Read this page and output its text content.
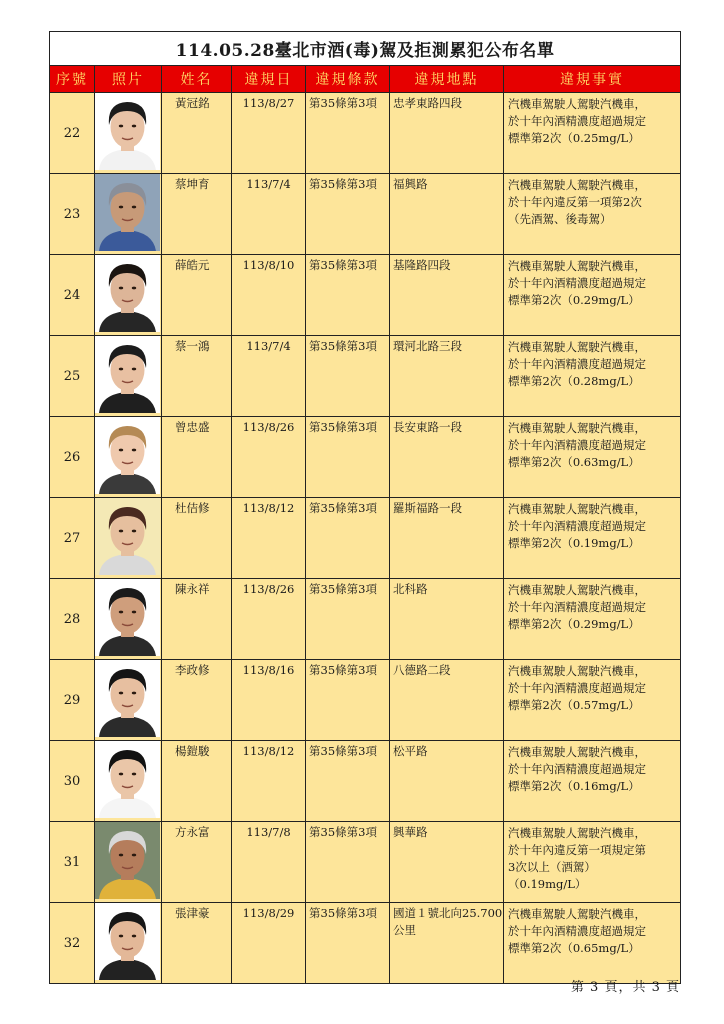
114.05.28臺北市酒(毒)駕及拒測累犯公布名單						
序號	照片	姓名	違規日	違規條款	違規地點	違規事實
22		黃冠銘	113/8/27	第35條第3項	忠孝東路四段	汽機車駕駛人駕駛汽機車，
於十年內酒精濃度超過規定
標準第2次（0.25mg/L）

23		蔡坤育	113/7/4	第35條第3項	福興路	汽機車駕駛人駕駛汽機車，
於十年內違反第一項第2次
（先酒駕、後毒駕）

24		薛皓元	113/8/10	第35條第3項	基隆路四段	汽機車駕駛人駕駛汽機車，
於十年內酒精濃度超過規定
標準第2次（0.29mg/L）

25		蔡一鴻	113/7/4	第35條第3項	環河北路三段	汽機車駕駛人駕駛汽機車，
於十年內酒精濃度超過規定
標準第2次（0.28mg/L）

26		曾忠盛	113/8/26	第35條第3項	長安東路一段	汽機車駕駛人駕駛汽機車，
於十年內酒精濃度超過規定
標準第2次（0.63mg/L）

27		杜佶修	113/8/12	第35條第3項	羅斯福路一段	汽機車駕駛人駕駛汽機車，
於十年內酒精濃度超過規定
標準第2次（0.19mg/L）

28		陳永祥	113/8/26	第35條第3項	北科路	汽機車駕駛人駕駛汽機車，
於十年內酒精濃度超過規定
標準第2次（0.29mg/L）

29		李政修	113/8/16	第35條第3項	八德路二段	汽機車駕駛人駕駛汽機車，
於十年內酒精濃度超過規定
標準第2次（0.57mg/L）

30		楊鎧駿	113/8/12	第35條第3項	松平路	汽機車駕駛人駕駛汽機車，
於十年內酒精濃度超過規定
標準第2次（0.16mg/L）

31		方永富	113/7/8	第35條第3項	興華路	汽機車駕駛人駕駛汽機車，
於十年內違反第一項規定第
3次以上（酒駕）
（0.19mg/L）

32		張津豪	113/8/29	第35條第3項	國道１號北向25.700公里	汽機車駕駛人駕駛汽機車，
於十年內酒精濃度超過規定
標準第2次（0.65mg/L）
第 3 頁，共 3 頁
